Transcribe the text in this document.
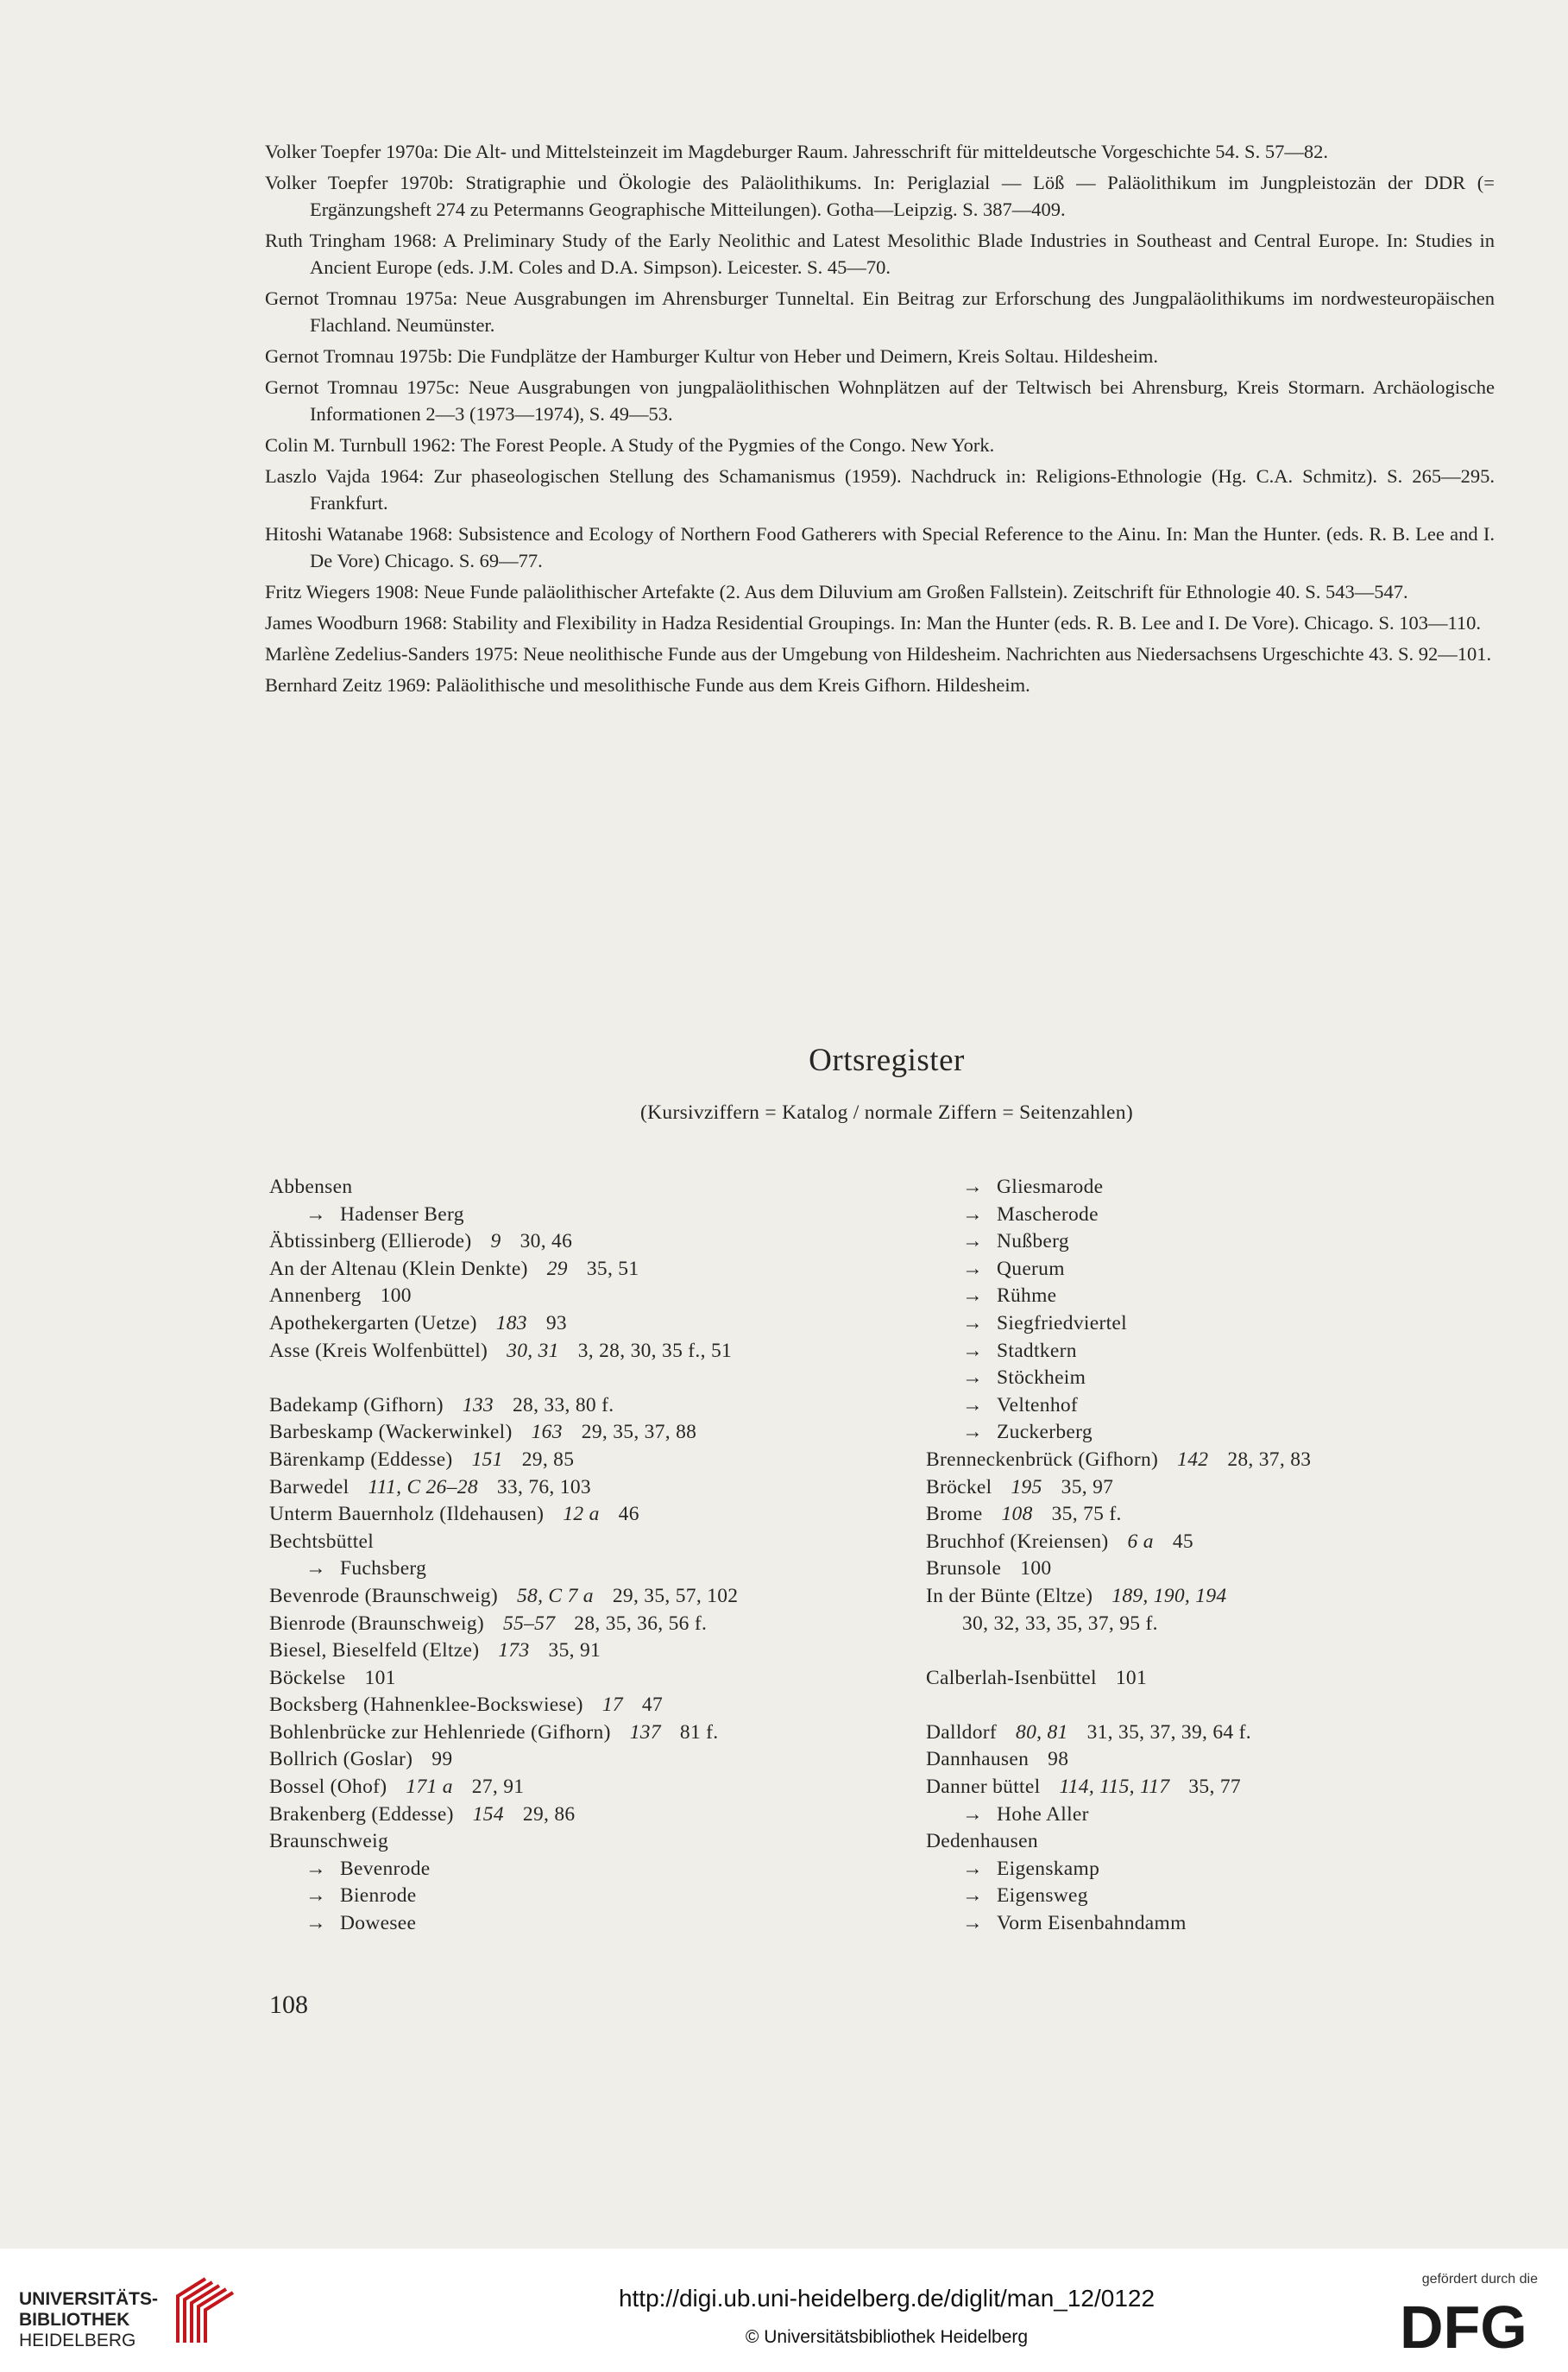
Volker Toepfer 1970a: Die Alt- und Mittelsteinzeit im Magdeburger Raum. Jahresschrift für mitteldeutsche Vorgeschichte 54. S. 57—82.

Volker Toepfer 1970b: Stratigraphie und Ökologie des Paläolithikums. In: Periglazial — Löß — Paläolithikum im Jungpleistozän der DDR (= Ergänzungsheft 274 zu Petermanns Geographische Mitteilungen). Gotha—Leipzig. S. 387—409.

Ruth Tringham 1968: A Preliminary Study of the Early Neolithic and Latest Mesolithic Blade Industries in Southeast and Central Europe. In: Studies in Ancient Europe (eds. J.M. Coles and D.A. Simpson). Leicester. S. 45—70.

Gernot Tromnau 1975a: Neue Ausgrabungen im Ahrensburger Tunneltal. Ein Beitrag zur Erforschung des Jungpaläolithikums im nordwesteuropäischen Flachland. Neumünster.

Gernot Tromnau 1975b: Die Fundplätze der Hamburger Kultur von Heber und Deimern, Kreis Soltau. Hildesheim.

Gernot Tromnau 1975c: Neue Ausgrabungen von jungpaläolithischen Wohnplätzen auf der Teltwisch bei Ahrensburg, Kreis Stormarn. Archäologische Informationen 2—3 (1973—1974), S. 49—53.

Colin M. Turnbull 1962: The Forest People. A Study of the Pygmies of the Congo. New York.

Laszlo Vajda 1964: Zur phaseologischen Stellung des Schamanismus (1959). Nachdruck in: Religions-Ethnologie (Hg. C.A. Schmitz). S. 265—295. Frankfurt.

Hitoshi Watanabe 1968: Subsistence and Ecology of Northern Food Gatherers with Special Reference to the Ainu. In: Man the Hunter. (eds. R. B. Lee and I. De Vore) Chicago. S. 69—77.

Fritz Wiegers 1908: Neue Funde paläolithischer Artefakte (2. Aus dem Diluvium am Großen Fallstein). Zeitschrift für Ethnologie 40. S. 543—547.

James Woodburn 1968: Stability and Flexibility in Hadza Residential Groupings. In: Man the Hunter (eds. R. B. Lee and I. De Vore). Chicago. S. 103—110.

Marlène Zedelius-Sanders 1975: Neue neolithische Funde aus der Umgebung von Hildesheim. Nachrichten aus Niedersachsens Urgeschichte 43. S. 92—101.

Bernhard Zeitz 1969: Paläolithische und mesolithische Funde aus dem Kreis Gifhorn. Hildesheim.

Ortsregister

(Kursivziffern = Katalog / normale Ziffern = Seitenzahlen)

Abbensen
→ Hadenser Berg
Äbtissinberg (Ellierode) 9 30, 46
An der Altenau (Klein Denkte) 29 35, 51
Annenberg 100
Apothekergarten (Uetze) 183 93
Asse (Kreis Wolfenbüttel) 30, 31 3, 28, 30, 35 f., 51
Badekamp (Gifhorn) 133 28, 33, 80 f.
Barbeskamp (Wackerwinkel) 163 29, 35, 37, 88
Bärenkamp (Eddesse) 151 29, 85
Barwedel 111, C 26–28 33, 76, 103
Unterm Bauernholz (Ildehausen) 12 a 46
Bechtsbüttel
→ Fuchsberg
Bevenrode (Braunschweig) 58, C 7 a 29, 35, 57, 102
Bienrode (Braunschweig) 55–57 28, 35, 36, 56 f.
Biesel, Bieselfeld (Eltze) 173 35, 91
Böckelse 101
Bocksberg (Hahnenklee-Bockswiese) 17 47
Bohlenbrücke zur Hehlenriede (Gifhorn) 137 81 f.
Bollrich (Goslar) 99
Bossel (Ohof) 171 a 27, 91
Brakenberg (Eddesse) 154 29, 86
Braunschweig
→ Bevenrode
→ Bienrode
→ Dowesee
→ Gliesmarode
→ Mascherode
→ Nußberg
→ Querum
→ Rühme
→ Siegfriedviertel
→ Stadtkern
→ Stöckheim
→ Veltenhof
→ Zuckerberg
Brenneckenbrück (Gifhorn) 142 28, 37, 83
Bröckel 195 35, 97
Brome 108 35, 75 f.
Bruchhof (Kreiensen) 6 a 45
Brunsole 100
In der Bünte (Eltze) 189, 190, 194
30, 32, 33, 35, 37, 95 f.
Calberlah-Isenbüttel 101
Dalldorf 80, 81 31, 35, 37, 39, 64 f.
Dannhausen 98
Danner büttel 114, 115, 117 35, 77
→ Hohe Aller
Dedenhausen
→ Eigenskamp
→ Eigensweg
→ Vorm Eisenbahndamm
108
UNIVERSITÄTS-
BIBLIOTHEK
HEIDELBERG
http://digi.ub.uni-heidelberg.de/diglit/man_12/0122
© Universitätsbibliothek Heidelberg
gefördert durch die
DFG
